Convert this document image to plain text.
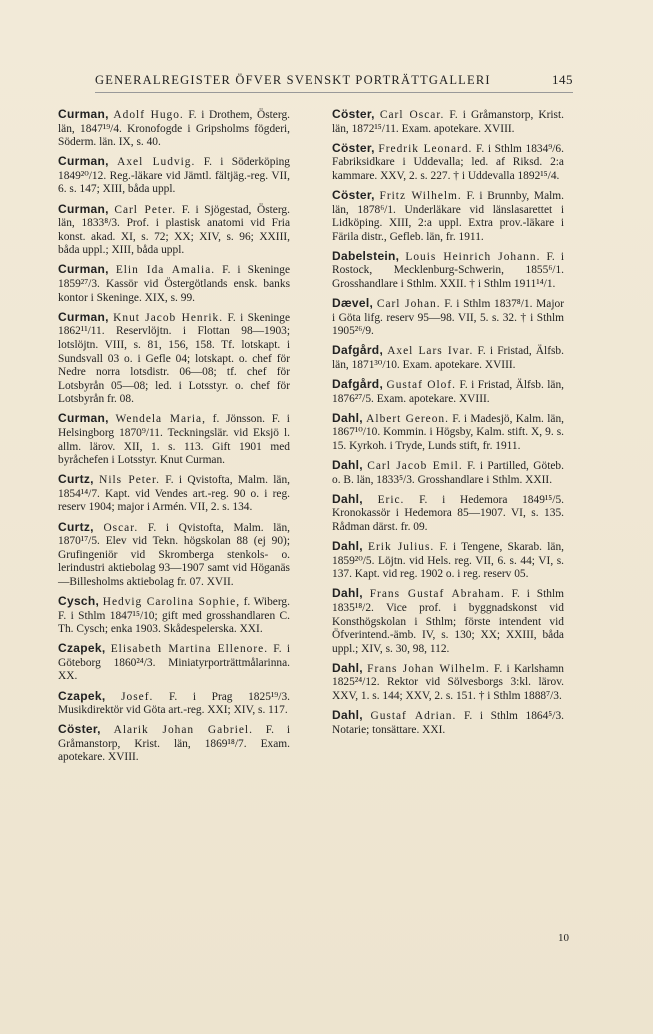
GENERALREGISTER ÖFVER SVENSKT PORTRÄTTGALLERI	145

Curman, Adolf Hugo. F. i Drothem, Österg. län, 1847¹⁹/4. Kronofogde i Gripsholms fögderi, Söderm. län. IX, s. 40.

Curman, Axel Ludvig. F. i Söderköping 1849²⁰/12. Reg.-läkare vid Jämtl. fältjäg.-reg. VII, 6. s. 147; XIII, båda uppl.

Curman, Carl Peter. F. i Sjögestad, Österg. län, 1833⁸/3. Prof. i plastisk anatomi vid Fria konst. akad. XI, s. 72; XX; XIV, s. 96; XXIII, båda uppl.; XIII, båda uppl.

Curman, Elin Ida Amalia. F. i Skeninge 1859²⁷/3. Kassör vid Östergötlands ensk. banks kontor i Skeninge. XIX, s. 99.

Curman, Knut Jacob Henrik. F. i Skeninge 1862¹¹/11. Reservlöjtn. i Flottan 98—1903; lotslöjtn. VIII, s. 81, 156, 158. Tf. lotskapt. i Sundsvall 03 o. i Gefle 04; lotskapt. o. chef för Nedre norra lotsdistr. 06—08; tf. chef för Lotsbyrån 05—08; led. i Lotsstyr. o. chef för Lotsbyrån fr. 08.

Curman, Wendela Maria, f. Jönsson. F. i Helsingborg 1870⁹/11. Teckningslär. vid Eksjö l. allm. lärov. XII, 1. s. 113. Gift 1901 med byråchefen i Lotsstyr. Knut Curman.

Curtz, Nils Peter. F. i Qvistofta, Malm. län, 1854¹⁴/7. Kapt. vid Vendes art.-reg. 90 o. i reg. reserv 1904; major i Armén. VII, 2. s. 134.

Curtz, Oscar. F. i Qvistofta, Malm. län, 1870¹⁷/5. Elev vid Tekn. högskolan 88 (ej 90); Grufingeniör vid Skromberga stenkols- o. lerindustri aktiebolag 93—1907 samt vid Höganäs—Billesholms aktiebolag fr. 07. XVII.

Cysch, Hedvig Carolina Sophie, f. Wiberg. F. i Sthlm 1847¹⁵/10; gift med grosshandlaren C. Th. Cysch; enka 1903. Skådespelerska. XXI.

Czapek, Elisabeth Martina Ellenore. F. i Göteborg 1860²⁴/3. Miniatyrporträttmålarinna. XX.

Czapek, Josef. F. i Prag 1825¹⁹/3. Musikdirektör vid Göta art.-reg. XXI; XIV, s. 117.

Cöster, Alarik Johan Gabriel. F. i Gråmanstorp, Krist. län, 1869¹⁸/7. Exam. apotekare. XVIII.

Cöster, Carl Oscar. F. i Gråmanstorp, Krist. län, 1872¹⁵/11. Exam. apotekare. XVIII.

Cöster, Fredrik Leonard. F. i Sthlm 1834⁹/6. Fabriksidkare i Uddevalla; led. af Riksd. 2:a kammare. XXV, 2. s. 227. † i Uddevalla 1892¹⁵/4.

Cöster, Fritz Wilhelm. F. i Brunnby, Malm. län, 1878⁶/1. Underläkare vid länslasarettet i Lidköping. XIII, 2:a uppl. Extra prov.-läkare i Färila distr., Gefleb. län, fr. 1911.

Dabelstein, Louis Heinrich Johann. F. i Rostock, Mecklenburg-Schwerin, 1855⁶/1. Grosshandlare i Sthlm. XXII. † i Sthlm 1911¹⁴/1.

Dævel, Carl Johan. F. i Sthlm 1837⁸/1. Major i Göta lifg. reserv 95—98. VII, 5. s. 32. † i Sthlm 1905²⁶/9.

Dafgård, Axel Lars Ivar. F. i Fristad, Älfsb. län, 1871³⁰/10. Exam. apotekare. XVIII.

Dafgård, Gustaf Olof. F. i Fristad, Älfsb. län, 1876²⁷/5. Exam. apotekare. XVIII.

Dahl, Albert Gereon. F. i Madesjö, Kalm. län, 1867¹⁰/10. Kommin. i Högsby, Kalm. stift. X, 9. s. 15. Kyrkoh. i Tryde, Lunds stift, fr. 1911.

Dahl, Carl Jacob Emil. F. i Partilled, Göteb. o. B. län, 1833⁵/3. Grosshandlare i Sthlm. XXII.

Dahl, Eric. F. i Hedemora 1849¹⁵/5. Kronokassör i Hedemora 85—1907. VI, s. 135. Rådman därst. fr. 09.

Dahl, Erik Julius. F. i Tengene, Skarab. län, 1859²⁰/5. Löjtn. vid Hels. reg. VII, 6. s. 44; VI, s. 137. Kapt. vid reg. 1902 o. i reg. reserv 05.

Dahl, Frans Gustaf Abraham. F. i Sthlm 1835¹⁸/2. Vice prof. i byggnadskonst vid Konsthögskolan i Sthlm; förste intendent vid Öfverintend.-ämb. IV, s. 130; XX; XXIII, båda uppl.; XIV, s. 30, 98, 112.

Dahl, Frans Johan Wilhelm. F. i Karlshamn 1825²⁴/12. Rektor vid Sölvesborgs 3:kl. lärov. XXV, 1. s. 144; XXV, 2. s. 151. † i Sthlm 1888⁷/3.

Dahl, Gustaf Adrian. F. i Sthlm 1864⁵/3. Notarie; tonsättare. XXI.

10
